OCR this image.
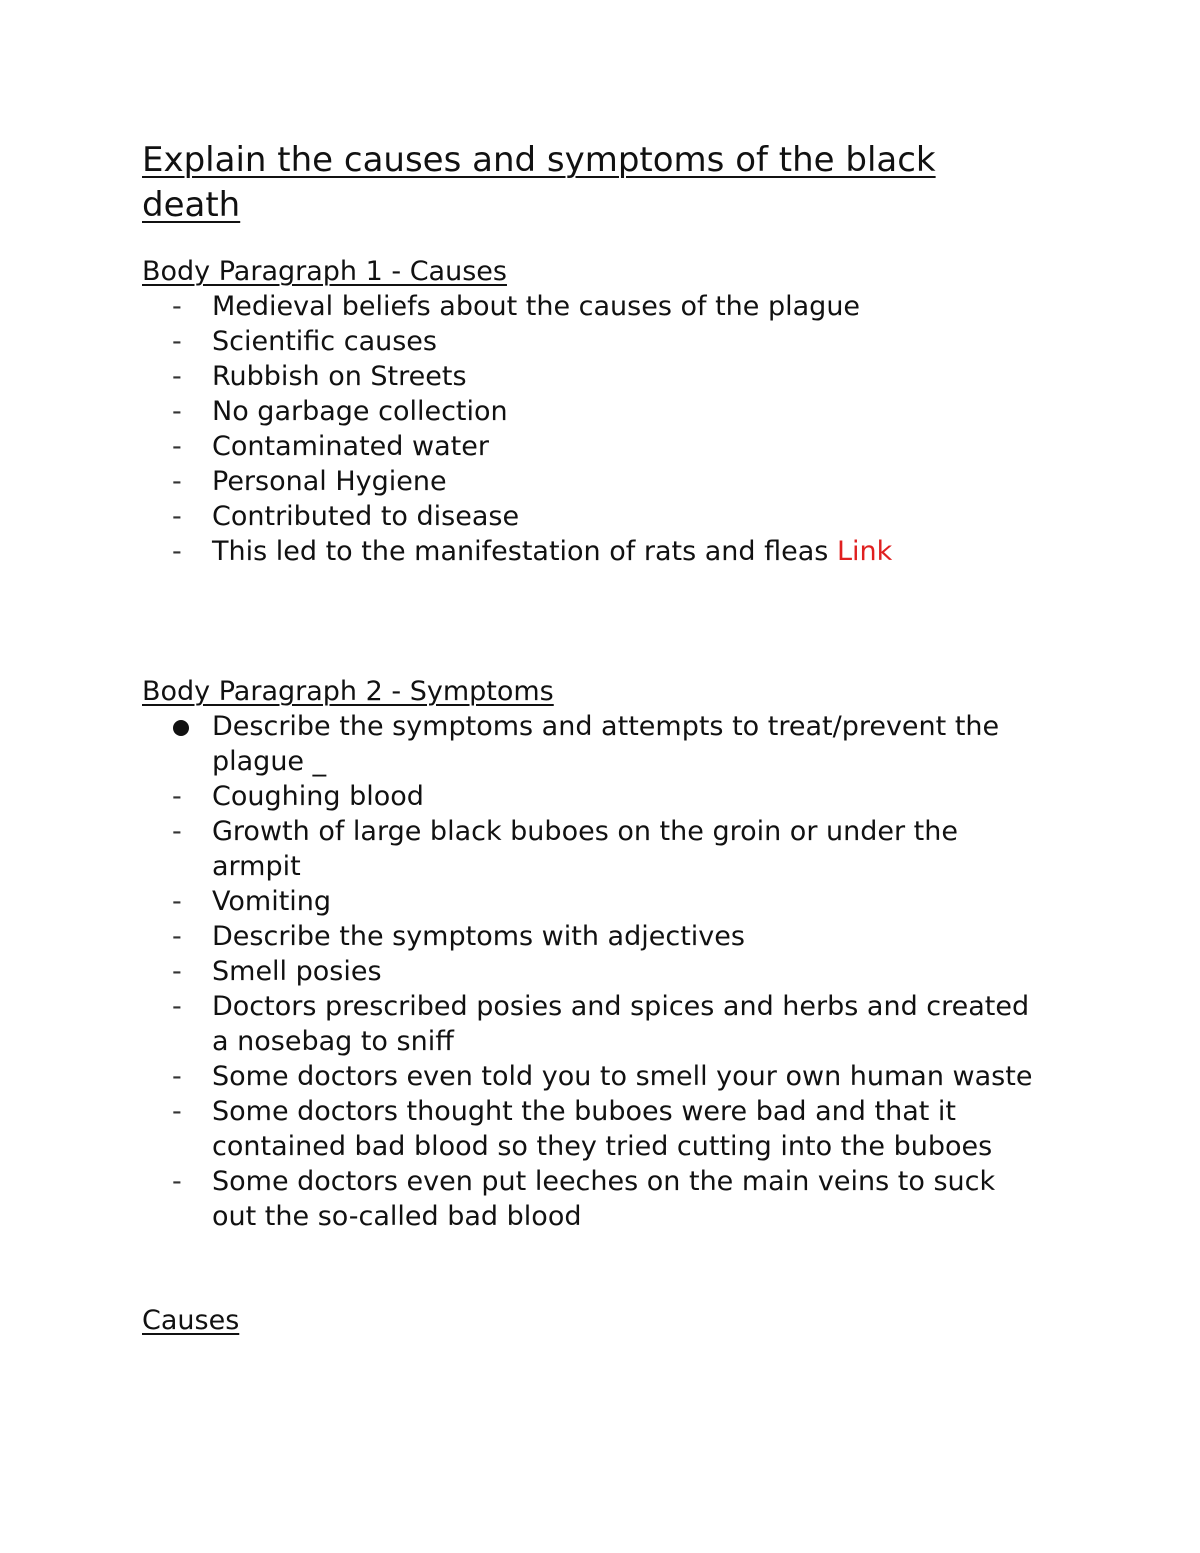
Explain the causes and symptoms of the black death
Body Paragraph 1 - Causes
-
Medieval beliefs about the causes of the plague
-
Scientific causes
-
Rubbish on Streets
-
No garbage collection
-
Contaminated water
-
Personal Hygiene
-
Contributed to disease
-
This led to the manifestation of rats and fleas Link
Body Paragraph 2 - Symptoms
Describe the symptoms and attempts to treat/prevent the plague _
-
Coughing blood
-
Growth of large black buboes on the groin or under the armpit
-
Vomiting
-
Describe the symptoms with adjectives
-
Smell posies
-
Doctors prescribed posies and spices and herbs and created a nosebag to sniff
-
Some doctors even told you to smell your own human waste
-
Some doctors thought the buboes were bad and that it contained bad blood so they tried cutting into the buboes
-
Some doctors even put leeches on the main veins to suck out the so-called bad blood
Causes
